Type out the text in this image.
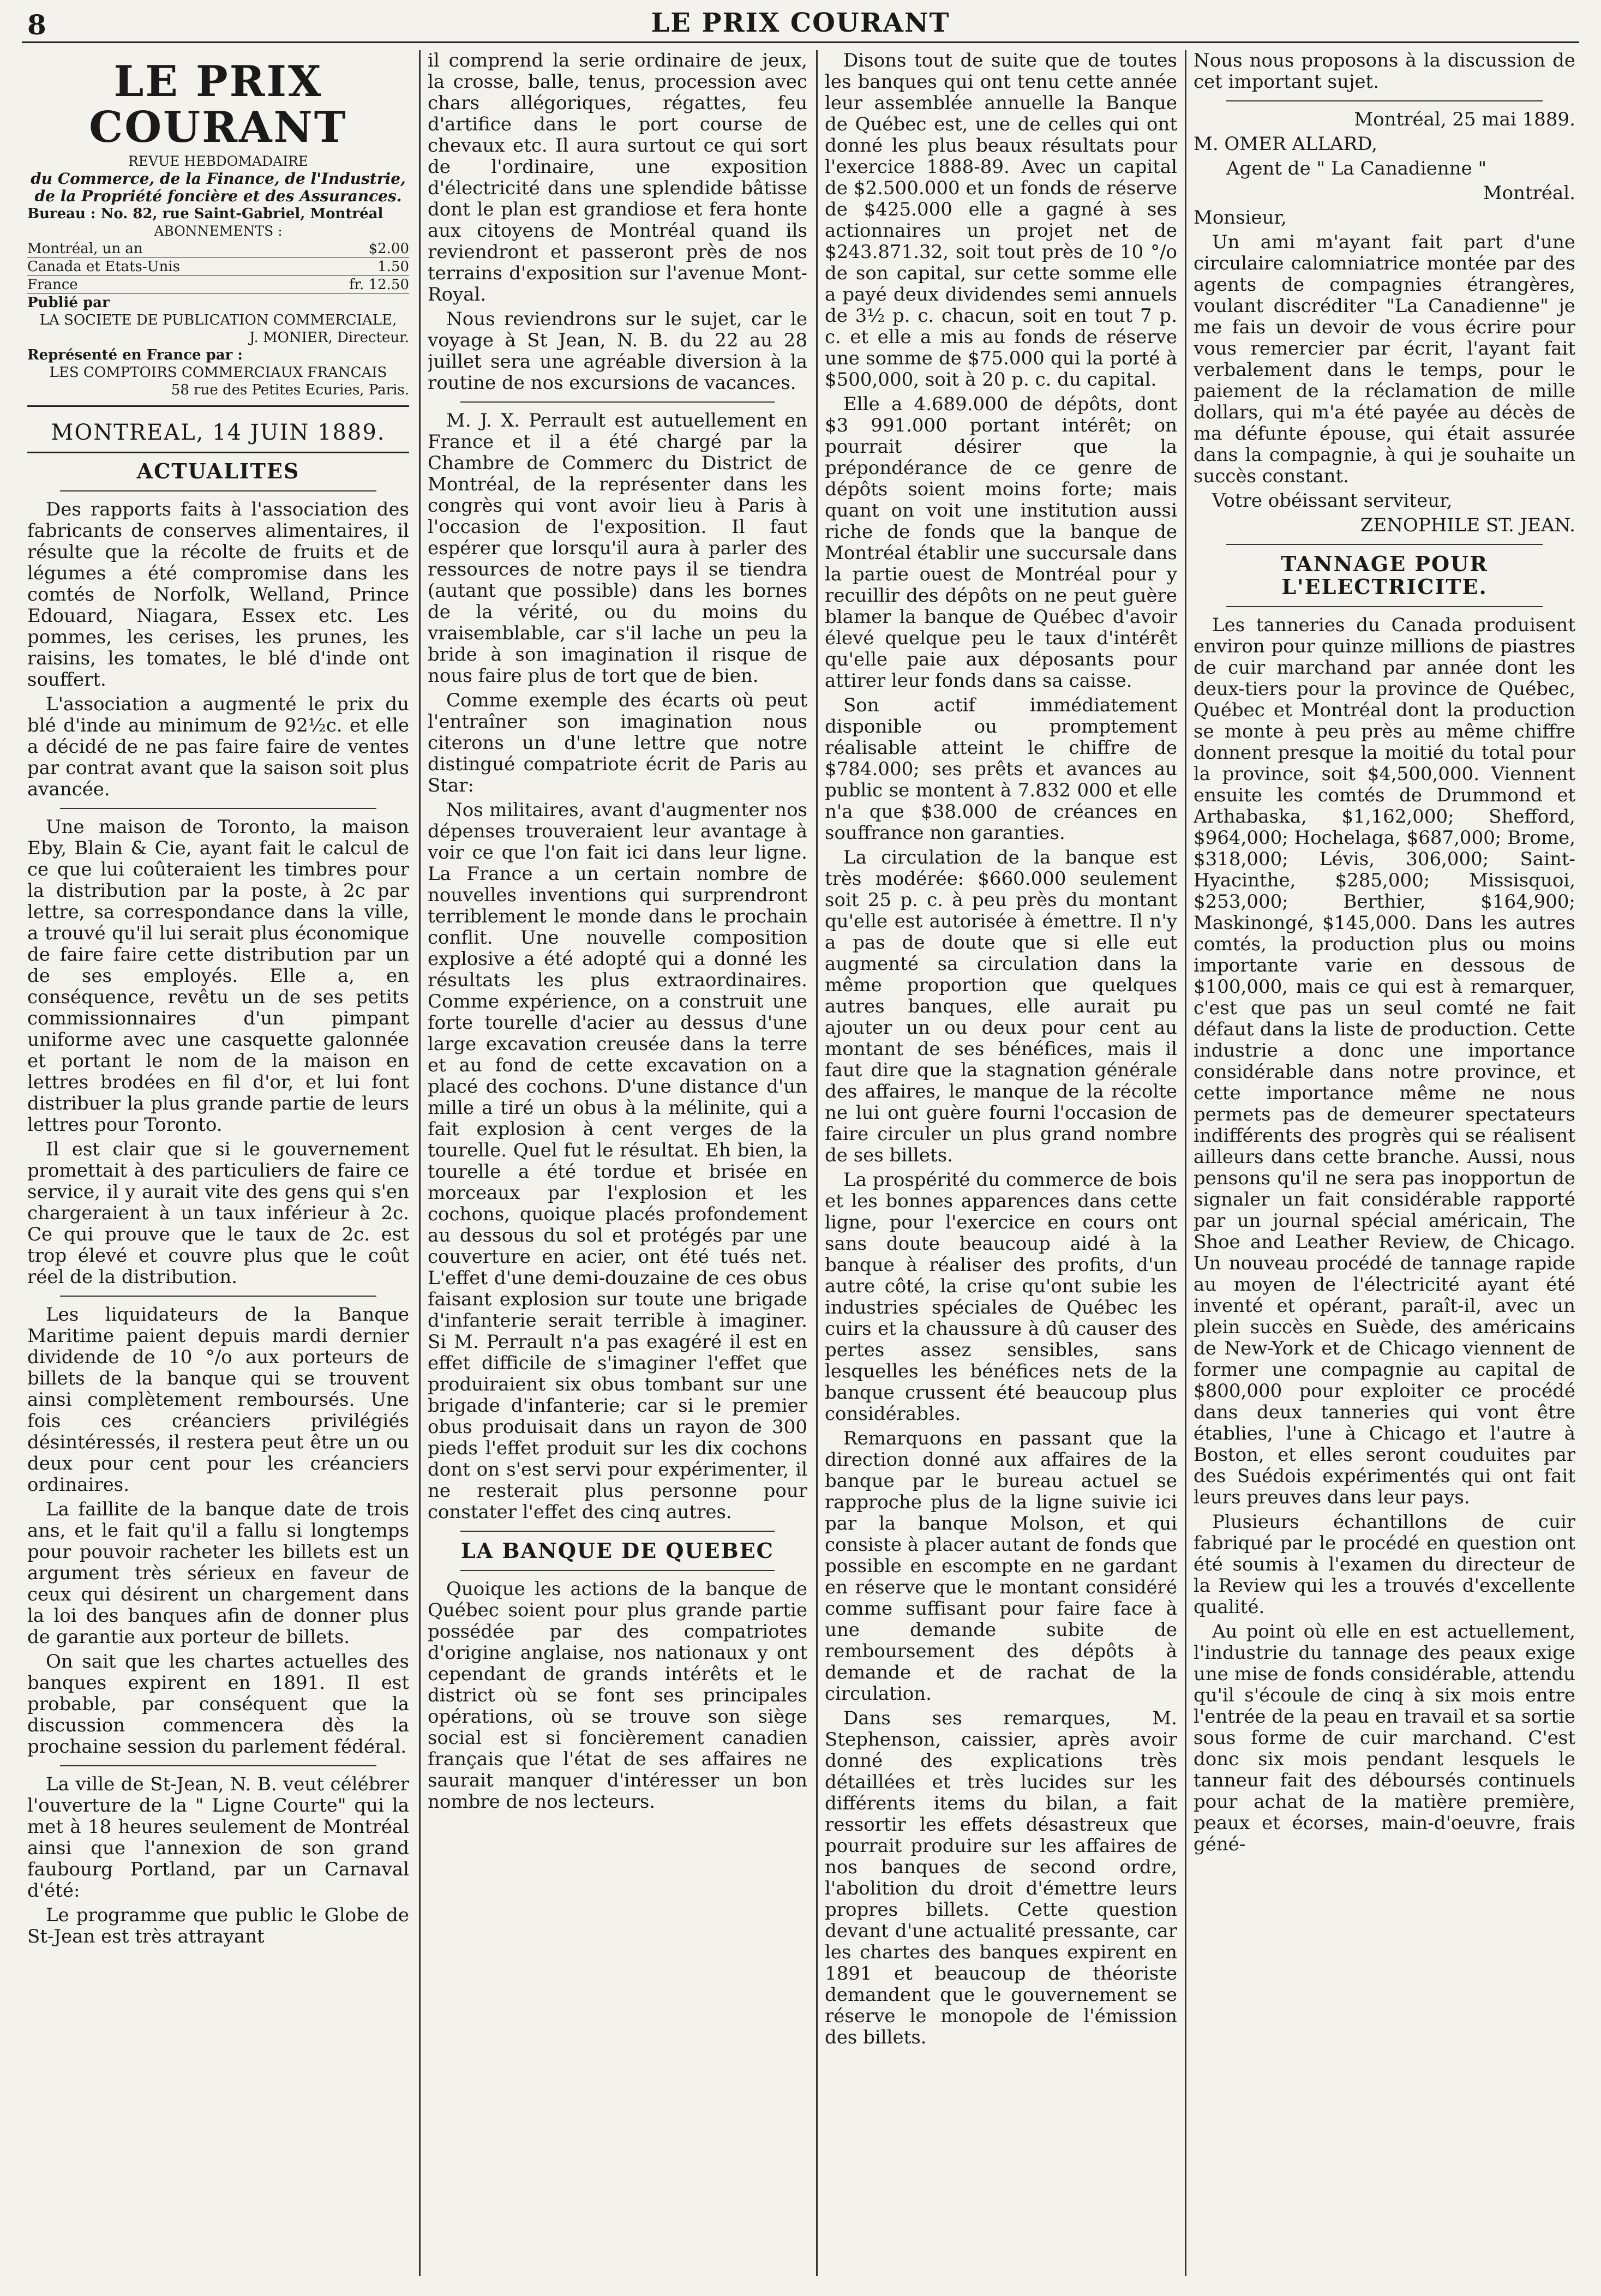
8	LE PRIX COURANT
LE PRIX COURANT

REVUE HEBDOMADAIRE

du Commerce, de la Finance, de l'Industrie,

de la Propriété foncière et des Assurances.

Bureau : No. 82, rue Saint-Gabriel, Montréal

ABONNEMENTS :

Montréal, un an	$2.00
Canada et Etats-Unis	1.50
France	fr. 12.50

Publié par

LA SOCIETE DE PUBLICATION COMMERCIALE,

J. MONIER, Directeur.

Représenté en France par :

LES COMPTOIRS COMMERCIAUX FRANCAIS

58 rue des Petites Ecuries, Paris.

MONTREAL, 14 JUIN 1889.
ACTUALITES

Des rapports faits à l'association des fabricants de conserves alimentaires, il résulte que la récolte de fruits et de légumes a été compromise dans les comtés de Norfolk, Welland, Prince Edouard, Niagara, Essex etc. Les pommes, les cerises, les prunes, les raisins, les tomates, le blé d'inde ont souffert.

L'association a augmenté le prix du blé d'inde au minimum de 92½c. et elle a décidé de ne pas faire faire de ventes par contrat avant que la saison soit plus avancée.

Une maison de Toronto, la maison Eby, Blain & Cie, ayant fait le calcul de ce que lui coûteraient les timbres pour la distribution par la poste, à 2c par lettre, sa correspondance dans la ville, a trouvé qu'il lui serait plus économique de faire faire cette distribution par un de ses employés. Elle a, en conséquence, revêtu un de ses petits commissionnaires d'un pimpant uniforme avec une casquette galonnée et portant le nom de la maison en lettres brodées en fil d'or, et lui font distribuer la plus grande partie de leurs lettres pour Toronto.

Il est clair que si le gouvernement promettait à des particuliers de faire ce service, il y aurait vite des gens qui s'en chargeraient à un taux inférieur à 2c. Ce qui prouve que le taux de 2c. est trop élevé et couvre plus que le coût réel de la distribution.

Les liquidateurs de la Banque Maritime paient depuis mardi dernier dividende de 10 °/o aux porteurs de billets de la banque qui se trouvent ainsi complètement remboursés. Une fois ces créanciers privilégiés désintéressés, il restera peut être un ou deux pour cent pour les créanciers ordinaires.

La faillite de la banque date de trois ans, et le fait qu'il a fallu si longtemps pour pouvoir racheter les billets est un argument très sérieux en faveur de ceux qui désirent un chargement dans la loi des banques afin de donner plus de garantie aux porteur de billets.

On sait que les chartes actuelles des banques expirent en 1891. Il est probable, par conséquent que la discussion commencera dès la prochaine session du parlement fédéral.

La ville de St-Jean, N. B. veut célébrer l'ouverture de la " Ligne Courte" qui la met à 18 heures seulement de Montréal ainsi que l'annexion de son grand faubourg Portland, par un Carnaval d'été:

Le programme que public le Globe de St-Jean est très attrayant

il comprend la serie ordinaire de jeux, la crosse, balle, tenus, procession avec chars allégoriques, régattes, feu d'artifice dans le port course de chevaux etc. Il aura surtout ce qui sort de l'ordinaire, une exposition d'électricité dans une splendide bâtisse dont le plan est grandiose et fera honte aux citoyens de Montréal quand ils reviendront et passeront près de nos terrains d'exposition sur l'avenue Mont-Royal.

Nous reviendrons sur le sujet, car le voyage à St Jean, N. B. du 22 au 28 juillet sera une agréable diversion à la routine de nos excursions de vacances.

M. J. X. Perrault est autuellement en France et il a été chargé par la Chambre de Commerc du District de Montréal, de la représenter dans les congrès qui vont avoir lieu à Paris à l'occasion de l'exposition. Il faut espérer que lorsqu'il aura à parler des ressources de notre pays il se tiendra (autant que possible) dans les bornes de la vérité, ou du moins du vraisemblable, car s'il lache un peu la bride à son imagination il risque de nous faire plus de tort que de bien.

Comme exemple des écarts où peut l'entraîner son imagination nous citerons un d'une lettre que notre distingué compatriote écrit de Paris au Star:

Nos militaires, avant d'augmenter nos dépenses trouveraient leur avantage à voir ce que l'on fait ici dans leur ligne. La France a un certain nombre de nouvelles inventions qui surprendront terriblement le monde dans le prochain conflit. Une nouvelle composition explosive a été adopté qui a donné les résultats les plus extraordinaires. Comme expérience, on a construit une forte tourelle d'acier au dessus d'une large excavation creusée dans la terre et au fond de cette excavation on a placé des cochons. D'une distance d'un mille a tiré un obus à la mélinite, qui a fait explosion à cent verges de la tourelle. Quel fut le résultat. Eh bien, la tourelle a été tordue et brisée en morceaux par l'explosion et les cochons, quoique placés profondement au dessous du sol et protégés par une couverture en acier, ont été tués net. L'effet d'une demi-douzaine de ces obus faisant explosion sur toute une brigade d'infanterie serait terrible à imaginer. Si M. Perrault n'a pas exagéré il est en effet difficile de s'imaginer l'effet que produiraient six obus tombant sur une brigade d'infanterie; car si le premier obus produisait dans un rayon de 300 pieds l'effet produit sur les dix cochons dont on s'est servi pour expérimenter, il ne resterait plus personne pour constater l'effet des cinq autres.

LA BANQUE DE QUEBEC

Quoique les actions de la banque de Québec soient pour plus grande partie possédée par des compatriotes d'origine anglaise, nos nationaux y ont cependant de grands intérêts et le district où se font ses principales opérations, où se trouve son siège social est si foncièrement canadien français que l'état de ses affaires ne saurait manquer d'intéresser un bon nombre de nos lecteurs.

Disons tout de suite que de toutes les banques qui ont tenu cette année leur assemblée annuelle la Banque de Québec est, une de celles qui ont donné les plus beaux résultats pour l'exercice 1888-89. Avec un capital de $2.500.000 et un fonds de réserve de $425.000 elle a gagné à ses actionnaires un projet net de $243.871.32, soit tout près de 10 °/o de son capital, sur cette somme elle a payé deux dividendes semi annuels de 3½ p. c. chacun, soit en tout 7 p. c. et elle a mis au fonds de réserve une somme de $75.000 qui la porté à $500,000, soit à 20 p. c. du capital.

Elle a 4.689.000 de dépôts, dont $3 991.000 portant intérêt; on pourrait désirer que la prépondérance de ce genre de dépôts soient moins forte; mais quant on voit une institution aussi riche de fonds que la banque de Montréal établir une succursale dans la partie ouest de Montréal pour y recuillir des dépôts on ne peut guère blamer la banque de Québec d'avoir élevé quelque peu le taux d'intérêt qu'elle paie aux déposants pour attirer leur fonds dans sa caisse.

Son actif immédiatement disponible ou promptement réalisable atteint le chiffre de $784.000; ses prêts et avances au public se montent à 7.832 000 et elle n'a que $38.000 de créances en souffrance non garanties.

La circulation de la banque est très modérée: $660.000 seulement soit 25 p. c. à peu près du montant qu'elle est autorisée à émettre. Il n'y a pas de doute que si elle eut augmenté sa circulation dans la même proportion que quelques autres banques, elle aurait pu ajouter un ou deux pour cent au montant de ses bénéfices, mais il faut dire que la stagnation générale des affaires, le manque de la récolte ne lui ont guère fourni l'occasion de faire circuler un plus grand nombre de ses billets.

La prospérité du commerce de bois et les bonnes apparences dans cette ligne, pour l'exercice en cours ont sans doute beaucoup aidé à la banque à réaliser des profits, d'un autre côté, la crise qu'ont subie les industries spéciales de Québec les cuirs et la chaussure à dû causer des pertes assez sensibles, sans lesquelles les bénéfices nets de la banque crussent été beaucoup plus considérables.

Remarquons en passant que la direction donné aux affaires de la banque par le bureau actuel se rapproche plus de la ligne suivie ici par la banque Molson, et qui consiste à placer autant de fonds que possible en escompte en ne gardant en réserve que le montant considéré comme suffisant pour faire face à une demande subite de remboursement des dépôts à demande et de rachat de la circulation.

Dans ses remarques, M. Stephenson, caissier, après avoir donné des explications très détaillées et très lucides sur les différents items du bilan, a fait ressortir les effets désastreux que pourrait produire sur les affaires de nos banques de second ordre, l'abolition du droit d'émettre leurs propres billets. Cette question devant d'une actualité pressante, car les chartes des banques expirent en 1891 et beaucoup de théoriste demandent que le gouvernement se réserve le monopole de l'émission des billets.

Nous nous proposons à la discussion de cet important sujet.

Montréal, 25 mai 1889.

M. OMER ALLARD,

Agent de " La Canadienne "

Montréal.

Monsieur,

Un ami m'ayant fait part d'une circulaire calomniatrice montée par des agents de compagnies étrangères, voulant discréditer "La Canadienne" je me fais un devoir de vous écrire pour vous remercier par écrit, l'ayant fait verbalement dans le temps, pour le paiement de la réclamation de mille dollars, qui m'a été payée au décès de ma défunte épouse, qui était assurée dans la compagnie, à qui je souhaite un succès constant.

Votre obéissant serviteur,

ZENOPHILE ST. JEAN.

TANNAGE POUR L'ELECTRICITE.

Les tanneries du Canada produisent environ pour quinze millions de piastres de cuir marchand par année dont les deux-tiers pour la province de Québec, Québec et Montréal dont la production se monte à peu près au même chiffre donnent presque la moitié du total pour la province, soit $4,500,000. Viennent ensuite les comtés de Drummond et Arthabaska, $1,162,000; Shefford, $964,000; Hochelaga, $687,000; Brome, $318,000; Lévis, 306,000; Saint-Hyacinthe, $285,000; Missisquoi, $253,000; Berthier, $164,900; Maskinongé, $145,000. Dans les autres comtés, la production plus ou moins importante varie en dessous de $100,000, mais ce qui est à remarquer, c'est que pas un seul comté ne fait défaut dans la liste de production. Cette industrie a donc une importance considérable dans notre province, et cette importance même ne nous permets pas de demeurer spectateurs indifférents des progrès qui se réalisent ailleurs dans cette branche. Aussi, nous pensons qu'il ne sera pas inopportun de signaler un fait considérable rapporté par un journal spécial américain, The Shoe and Leather Review, de Chicago. Un nouveau procédé de tannage rapide au moyen de l'électricité ayant été inventé et opérant, paraît-il, avec un plein succès en Suède, des américains de New-York et de Chicago viennent de former une compagnie au capital de $800,000 pour exploiter ce procédé dans deux tanneries qui vont être établies, l'une à Chicago et l'autre à Boston, et elles seront couduites par des Suédois expérimentés qui ont fait leurs preuves dans leur pays.

Plusieurs échantillons de cuir fabriqué par le procédé en question ont été soumis à l'examen du directeur de la Review qui les a trouvés d'excellente qualité.

Au point où elle en est actuellement, l'industrie du tannage des peaux exige une mise de fonds considérable, attendu qu'il s'écoule de cinq à six mois entre l'entrée de la peau en travail et sa sortie sous forme de cuir marchand. C'est donc six mois pendant lesquels le tanneur fait des déboursés continuels pour achat de la matière première, peaux et écorses, main-d'oeuvre, frais géné-
